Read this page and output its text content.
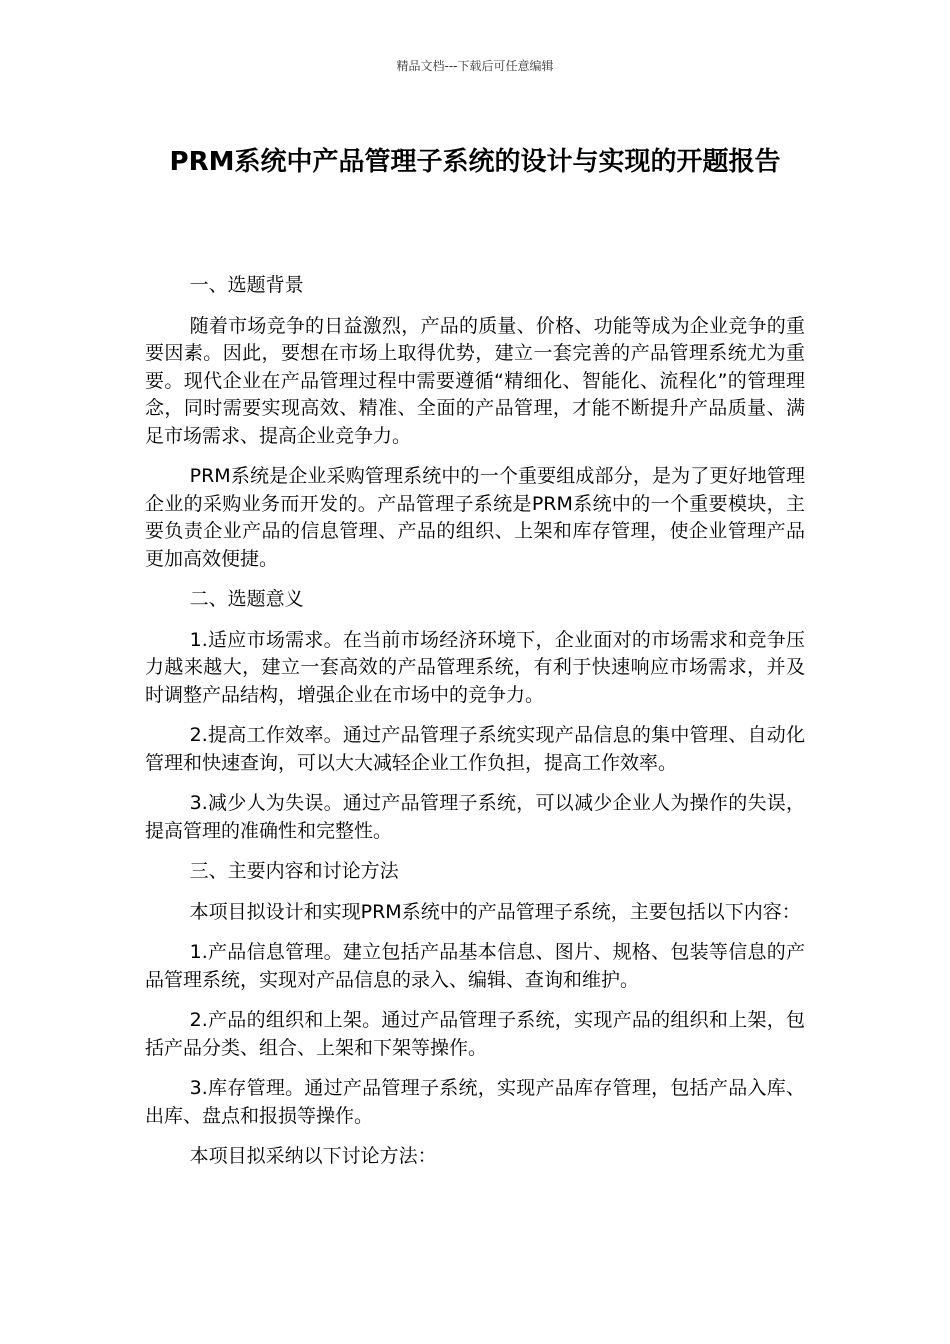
精品文档---下载后可任意编辑
PRM系统中产品管理子系统的设计与实现的开题报告

一、选题背景

随着市场竞争的日益激烈，产品的质量、价格、功能等成为企业竞争的重要因素。因此，要想在市场上取得优势，建立一套完善的产品管理系统尤为重要。现代企业在产品管理过程中需要遵循“精细化、智能化、流程化”的管理理念，同时需要实现高效、精准、全面的产品管理，才能不断提升产品质量、满足市场需求、提高企业竞争力。

PRM系统是企业采购管理系统中的一个重要组成部分，是为了更好地管理企业的采购业务而开发的。产品管理子系统是PRM系统中的一个重要模块，主要负责企业产品的信息管理、产品的组织、上架和库存管理，使企业管理产品更加高效便捷。

二、选题意义

1.适应市场需求。在当前市场经济环境下，企业面对的市场需求和竞争压力越来越大，建立一套高效的产品管理系统，有利于快速响应市场需求，并及时调整产品结构，增强企业在市场中的竞争力。

2.提高工作效率。通过产品管理子系统实现产品信息的集中管理、自动化管理和快速查询，可以大大减轻企业工作负担，提高工作效率。

3.减少人为失误。通过产品管理子系统，可以减少企业人为操作的失误，提高管理的准确性和完整性。

三、主要内容和讨论方法

本项目拟设计和实现PRM系统中的产品管理子系统，主要包括以下内容：

1.产品信息管理。建立包括产品基本信息、图片、规格、包装等信息的产品管理系统，实现对产品信息的录入、编辑、查询和维护。

2.产品的组织和上架。通过产品管理子系统，实现产品的组织和上架，包括产品分类、组合、上架和下架等操作。

3.库存管理。通过产品管理子系统，实现产品库存管理，包括产品入库、出库、盘点和报损等操作。

本项目拟采纳以下讨论方法：
